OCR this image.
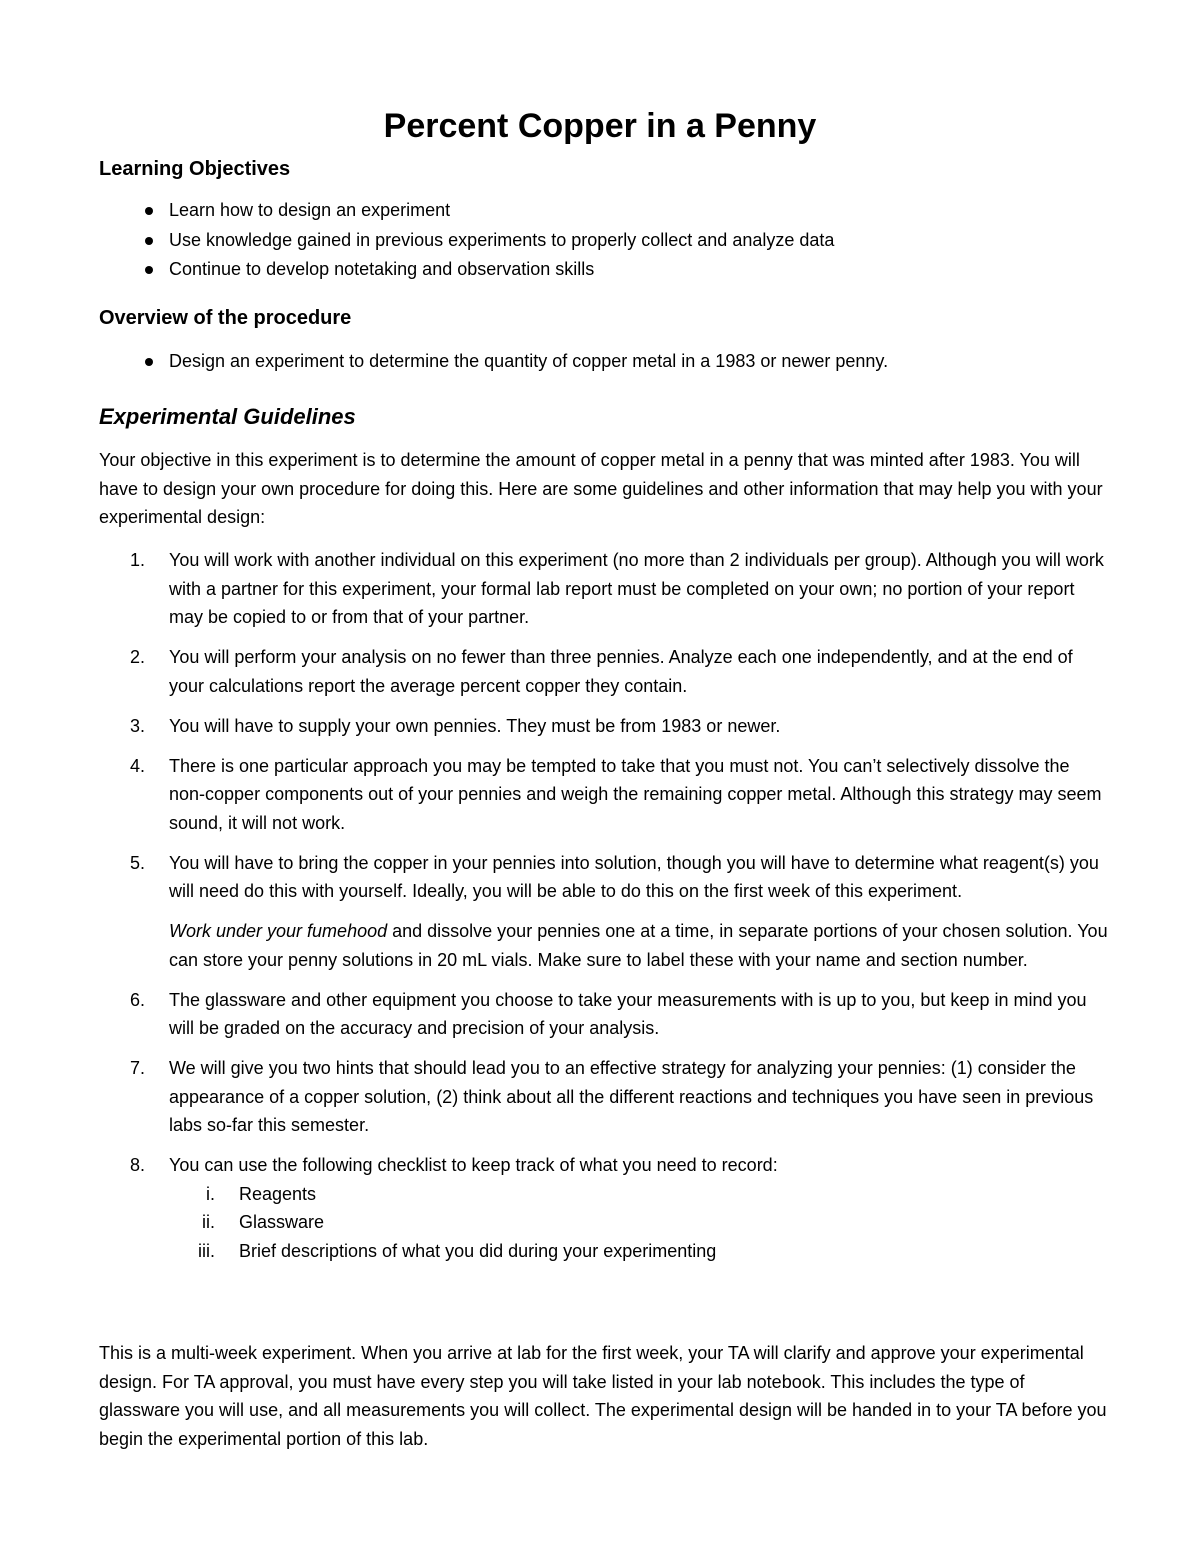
Percent Copper in a Penny
Learning Objectives
Learn how to design an experiment
Use knowledge gained in previous experiments to properly collect and analyze data
Continue to develop notetaking and observation skills
Overview of the procedure
Design an experiment to determine the quantity of copper metal in a 1983 or newer penny.
Experimental Guidelines

Your objective in this experiment is to determine the amount of copper metal in a penny that was minted after 1983. You will have to design your own procedure for doing this. Here are some guidelines and other information that may help you with your experimental design:

1. You will work with another individual on this experiment (no more than 2 individuals per group). Although you will work with a partner for this experiment, your formal lab report must be completed on your own; no portion of your report may be copied to or from that of your partner.
2. You will perform your analysis on no fewer than three pennies. Analyze each one independently, and at the end of your calculations report the average percent copper they contain.
3. You will have to supply your own pennies. They must be from 1983 or newer.
4. There is one particular approach you may be tempted to take that you must not. You can’t selectively dissolve the non-copper components out of your pennies and weigh the remaining copper metal. Although this strategy may seem sound, it will not work.
5. You will have to bring the copper in your pennies into solution, though you will have to determine what reagent(s) you will need do this with yourself. Ideally, you will be able to do this on the first week of this experiment.
Work under your fumehood and dissolve your pennies one at a time, in separate portions of your chosen solution. You can store your penny solutions in 20 mL vials. Make sure to label these with your name and section number.
6. The glassware and other equipment you choose to take your measurements with is up to you, but keep in mind you will be graded on the accuracy and precision of your analysis.
7. We will give you two hints that should lead you to an effective strategy for analyzing your pennies: (1) consider the appearance of a copper solution, (2) think about all the different reactions and techniques you have seen in previous labs so-far this semester.
8. You can use the following checklist to keep track of what you need to record:
i. Reagents
ii. Glassware
iii. Brief descriptions of what you did during your experimenting

This is a multi-week experiment. When you arrive at lab for the first week, your TA will clarify and approve your experimental design. For TA approval, you must have every step you will take listed in your lab notebook. This includes the type of glassware you will use, and all measurements you will collect. The experimental design will be handed in to your TA before you begin the experimental portion of this lab.
